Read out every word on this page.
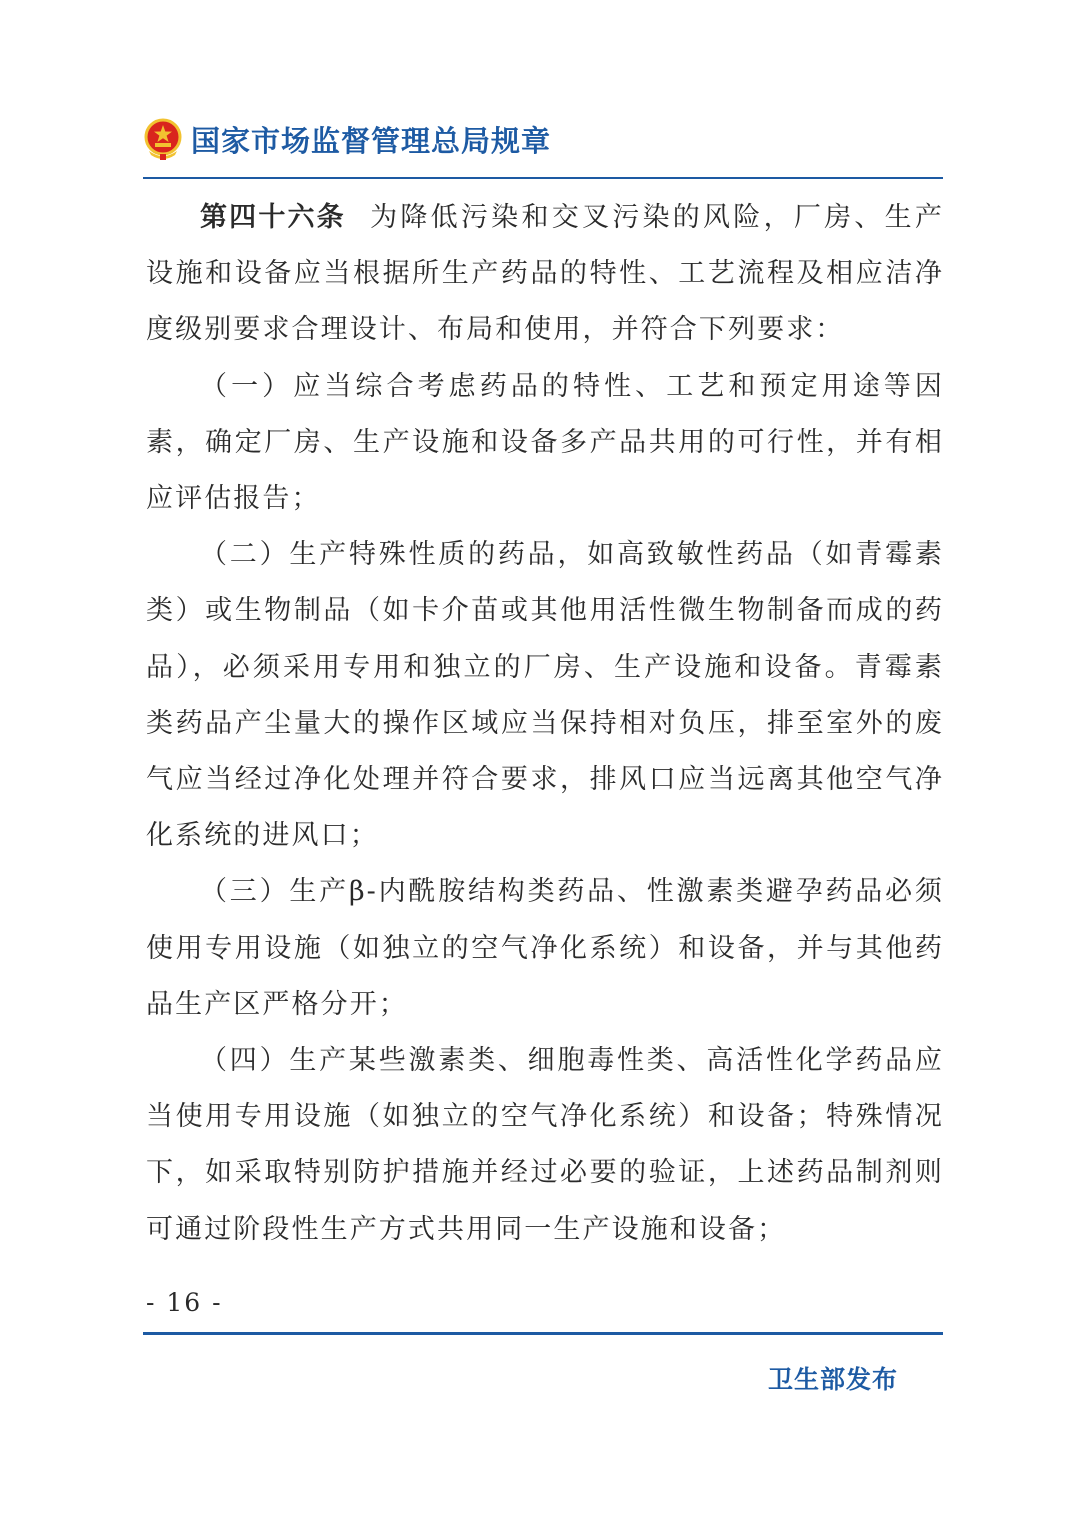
国家市场监督管理总局规章

第四十六条 为降低污染和交叉污染的风险，厂房、生产设施和设备应当根据所生产药品的特性、工艺流程及相应洁净度级别要求合理设计、布局和使用，并符合下列要求：

（一）应当综合考虑药品的特性、工艺和预定用途等因素，确定厂房、生产设施和设备多产品共用的可行性，并有相应评估报告；

（二）生产特殊性质的药品，如高致敏性药品（如青霉素类）或生物制品（如卡介苗或其他用活性微生物制备而成的药品），必须采用专用和独立的厂房、生产设施和设备。青霉素类药品产尘量大的操作区域应当保持相对负压，排至室外的废气应当经过净化处理并符合要求，排风口应当远离其他空气净化系统的进风口；

（三）生产β-内酰胺结构类药品、性激素类避孕药品必须使用专用设施（如独立的空气净化系统）和设备，并与其他药品生产区严格分开；

（四）生产某些激素类、细胞毒性类、高活性化学药品应当使用专用设施（如独立的空气净化系统）和设备；特殊情况下，如采取特别防护措施并经过必要的验证，上述药品制剂则可通过阶段性生产方式共用同一生产设施和设备；

- 16 -
卫生部发布
